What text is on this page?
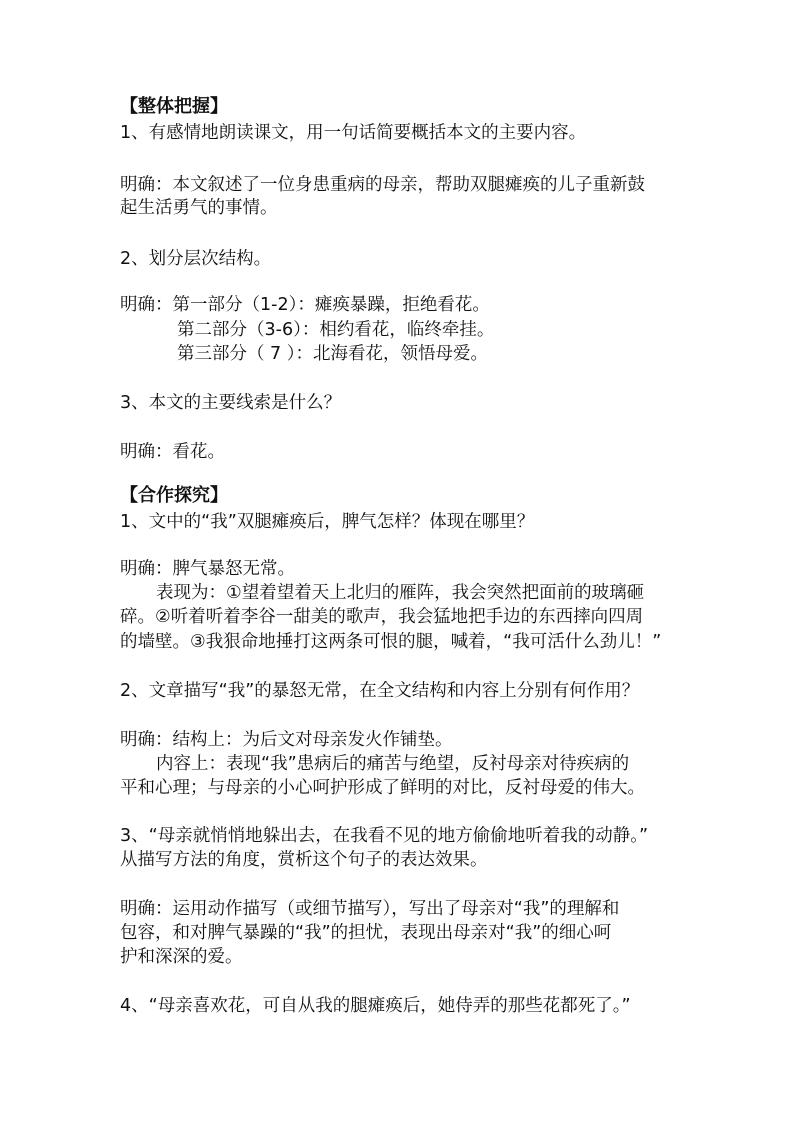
【整体把握】

1、有感情地朗读课文，用一句话简要概括本文的主要内容。

明确：本文叙述了一位身患重病的母亲，帮助双腿瘫痪的儿子重新鼓

起生活勇气的事情。

2、划分层次结构。

明确：第一部分（1-2）：瘫痪暴躁，拒绝看花。

第二部分（3-6）：相约看花，临终牵挂。

第三部分（ 7 ）：北海看花，领悟母爱。

3、本文的主要线索是什么？

明确：看花。

【合作探究】

1、文中的“我”双腿瘫痪后，脾气怎样？体现在哪里？

明确：脾气暴怒无常。

表现为：①望着望着天上北归的雁阵，我会突然把面前的玻璃砸

碎。②听着听着李谷一甜美的歌声，我会猛地把手边的东西摔向四周

的墙壁。③我狠命地捶打这两条可恨的腿，喊着，“我可活什么劲儿！”

2、文章描写“我”的暴怒无常，在全文结构和内容上分别有何作用？

明确：结构上：为后文对母亲发火作铺垫。

内容上：表现“我”患病后的痛苦与绝望，反衬母亲对待疾病的

平和心理；与母亲的小心呵护形成了鲜明的对比，反衬母爱的伟大。

3、“母亲就悄悄地躲出去，在我看不见的地方偷偷地听着我的动静。”

从描写方法的角度，赏析这个句子的表达效果。

明确：运用动作描写（或细节描写），写出了母亲对“我”的理解和

包容，和对脾气暴躁的“我”的担忧，表现出母亲对“我”的细心呵

护和深深的爱。

4、“母亲喜欢花，可自从我的腿瘫痪后，她侍弄的那些花都死了。”
